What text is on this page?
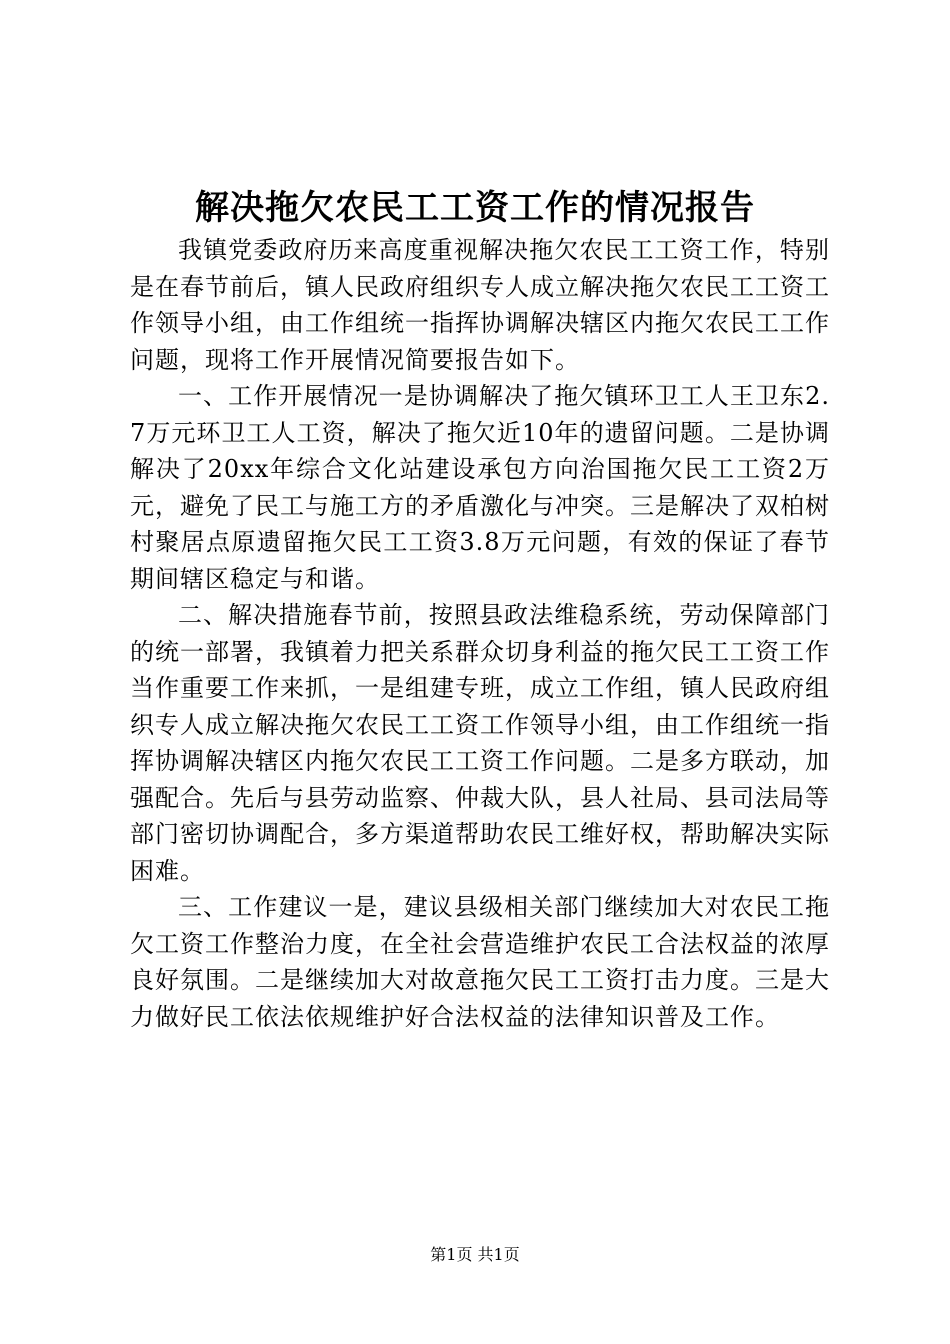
解决拖欠农民工工资工作的情况报告

我镇党委政府历来高度重视解决拖欠农民工工资工作，特别是在春节前后，镇人民政府组织专人成立解决拖欠农民工工资工作领导小组，由工作组统一指挥协调解决辖区内拖欠农民工工作问题，现将工作开展情况简要报告如下。

一、工作开展情况一是协调解决了拖欠镇环卫工人王卫东2.7万元环卫工人工资，解决了拖欠近10年的遗留问题。二是协调解决了20xx年综合文化站建设承包方向治国拖欠民工工资2万元，避免了民工与施工方的矛盾激化与冲突。三是解决了双柏树村聚居点原遗留拖欠民工工资3.8万元问题，有效的保证了春节期间辖区稳定与和谐。

二、解决措施春节前，按照县政法维稳系统，劳动保障部门的统一部署，我镇着力把关系群众切身利益的拖欠民工工资工作当作重要工作来抓，一是组建专班，成立工作组，镇人民政府组织专人成立解决拖欠农民工工资工作领导小组，由工作组统一指挥协调解决辖区内拖欠农民工工资工作问题。二是多方联动，加强配合。先后与县劳动监察、仲裁大队，县人社局、县司法局等部门密切协调配合，多方渠道帮助农民工维好权，帮助解决实际困难。

三、工作建议一是，建议县级相关部门继续加大对农民工拖欠工资工作整治力度，在全社会营造维护农民工合法权益的浓厚良好氛围。二是继续加大对故意拖欠民工工资打击力度。三是大力做好民工依法依规维护好合法权益的法律知识普及工作。

第1页 共1页
